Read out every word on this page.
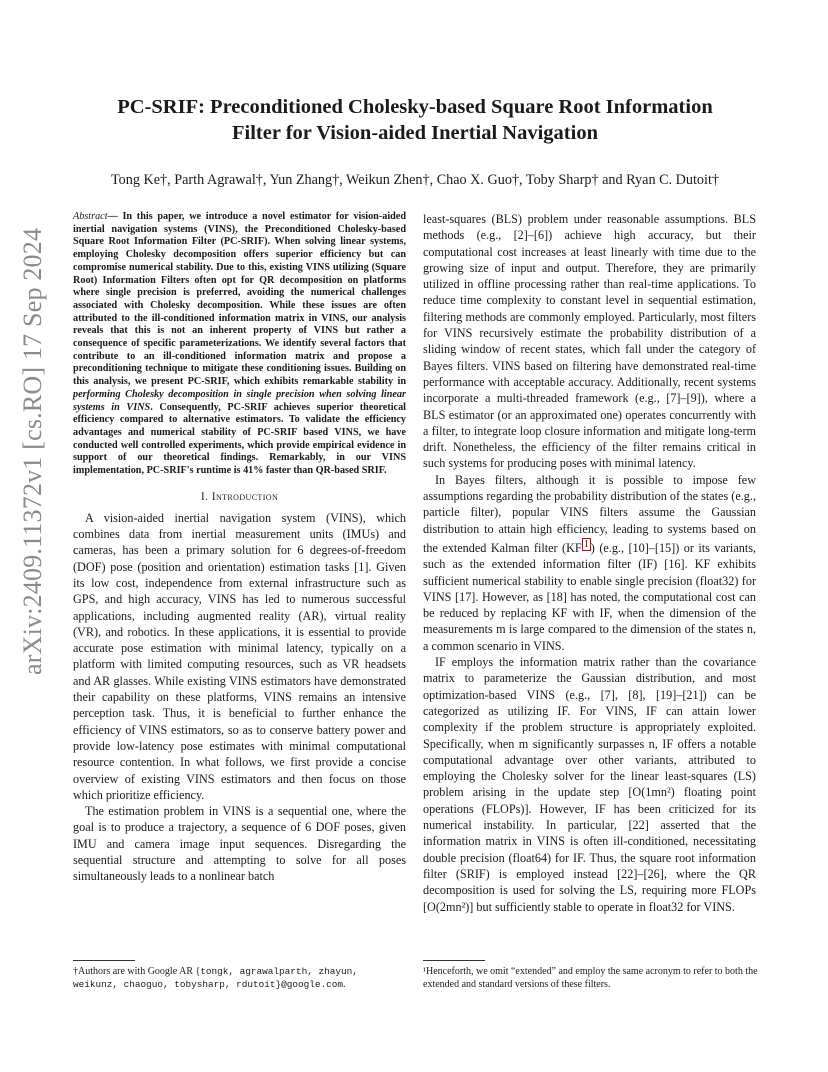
arXiv:2409.11372v1 [cs.RO] 17 Sep 2024
PC-SRIF: Preconditioned Cholesky-based Square Root Information
Filter for Vision-aided Inertial Navigation
Tong Ke†, Parth Agrawal†, Yun Zhang†, Weikun Zhen†, Chao X. Guo†, Toby Sharp† and Ryan C. Dutoit†

Abstract— In this paper, we introduce a novel estimator for vision-aided inertial navigation systems (VINS), the Preconditioned Cholesky-based Square Root Information Filter (PC-SRIF). When solving linear systems, employing Cholesky decomposition offers superior efficiency but can compromise numerical stability. Due to this, existing VINS utilizing (Square Root) Information Filters often opt for QR decomposition on platforms where single precision is preferred, avoiding the numerical challenges associated with Cholesky decomposition. While these issues are often attributed to the ill-conditioned information matrix in VINS, our analysis reveals that this is not an inherent property of VINS but rather a consequence of specific parameterizations. We identify several factors that contribute to an ill-conditioned information matrix and propose a preconditioning technique to mitigate these conditioning issues. Building on this analysis, we present PC-SRIF, which exhibits remarkable stability in performing Cholesky decomposition in single precision when solving linear systems in VINS. Consequently, PC-SRIF achieves superior theoretical efficiency compared to alternative estimators. To validate the efficiency advantages and numerical stability of PC-SRIF based VINS, we have conducted well controlled experiments, which provide empirical evidence in support of our theoretical findings. Remarkably, in our VINS implementation, PC-SRIF's runtime is 41% faster than QR-based SRIF.

I. Introduction

A vision-aided inertial navigation system (VINS), which combines data from inertial measurement units (IMUs) and cameras, has been a primary solution for 6 degrees-of-freedom (DOF) pose (position and orientation) estimation tasks [1]. Given its low cost, independence from external infrastructure such as GPS, and high accuracy, VINS has led to numerous successful applications, including augmented reality (AR), virtual reality (VR), and robotics. In these applications, it is essential to provide accurate pose estimation with minimal latency, typically on a platform with limited computing resources, such as VR headsets and AR glasses. While existing VINS estimators have demonstrated their capability on these platforms, VINS remains an intensive perception task. Thus, it is beneficial to further enhance the efficiency of VINS estimators, so as to conserve battery power and provide low-latency pose estimates with minimal computational resource contention. In what follows, we first provide a concise overview of existing VINS estimators and then focus on those which prioritize efficiency.

The estimation problem in VINS is a sequential one, where the goal is to produce a trajectory, a sequence of 6 DOF poses, given IMU and camera image input sequences. Disregarding the sequential structure and attempting to solve for all poses simultaneously leads to a nonlinear batch

least-squares (BLS) problem under reasonable assumptions. BLS methods (e.g., [2]–[6]) achieve high accuracy, but their computational cost increases at least linearly with time due to the growing size of input and output. Therefore, they are primarily utilized in offline processing rather than real-time applications. To reduce time complexity to constant level in sequential estimation, filtering methods are commonly employed. Particularly, most filters for VINS recursively estimate the probability distribution of a sliding window of recent states, which fall under the category of Bayes filters. VINS based on filtering have demonstrated real-time performance with acceptable accuracy. Additionally, recent systems incorporate a multi-threaded framework (e.g., [7]–[9]), where a BLS estimator (or an approximated one) operates concurrently with a filter, to integrate loop closure information and mitigate long-term drift. Nonetheless, the efficiency of the filter remains critical in such systems for producing poses with minimal latency.

In Bayes filters, although it is possible to impose few assumptions regarding the probability distribution of the states (e.g., particle filter), popular VINS filters assume the Gaussian distribution to attain high efficiency, leading to systems based on the extended Kalman filter (KF $^1$ ) (e.g., [10]–[15]) or its variants, such as the extended information filter (IF) [16]. KF exhibits sufficient numerical stability to enable single precision (float32) for VINS [17]. However, as [18] has noted, the computational cost can be reduced by replacing KF with IF, when the dimension of the measurements m is large compared to the dimension of the states n, a common scenario in VINS.

IF employs the information matrix rather than the covariance matrix to parameterize the Gaussian distribution, and most optimization-based VINS (e.g., [7], [8], [19]–[21]) can be categorized as utilizing IF. For VINS, IF can attain lower complexity if the problem structure is appropriately exploited. Specifically, when m significantly surpasses n, IF offers a notable computational advantage over other variants, attributed to employing the Cholesky solver for the linear least-squares (LS) problem arising in the update step [O(1mn²) floating point operations (FLOPs)]. However, IF has been criticized for its numerical instability. In particular, [22] asserted that the information matrix in VINS is often ill-conditioned, necessitating double precision (float64) for IF. Thus, the square root information filter (SRIF) is employed instead [22]–[26], where the QR decomposition is used for solving the LS, requiring more FLOPs [O(2mn²)] but sufficiently stable to operate in float32 for VINS.

†Authors are with Google AR {tongk, agrawalparth, zhayun, weikunz, chaoguo, tobysharp, rdutoit}@google.com.
¹Henceforth, we omit “extended” and employ the same acronym to refer to both the extended and standard versions of these filters.
